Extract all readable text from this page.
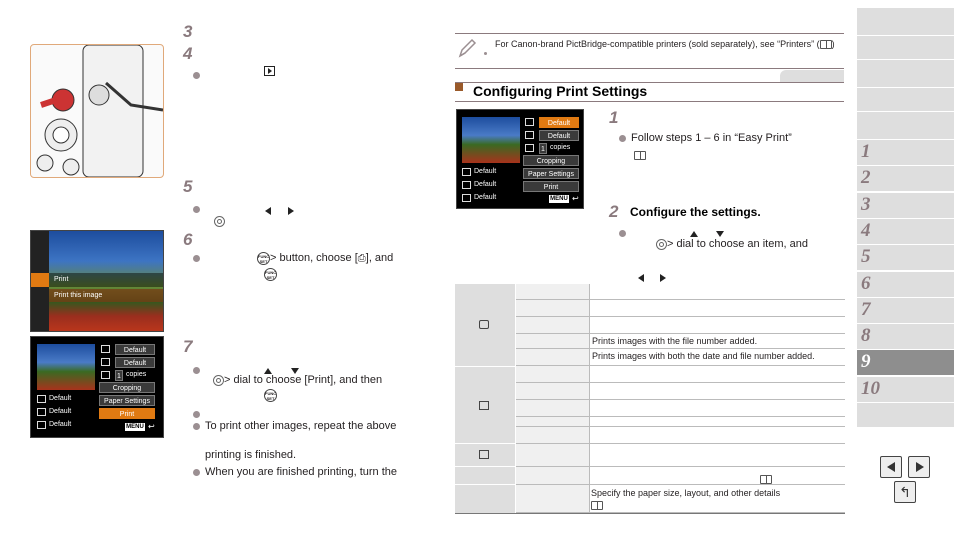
3
4
5
6
FUNC
SET > button, choose [⎙], and
FUNC
SET
Print
Print this image
Default
Default
1 copies
Cropping
Paper Settings
Print
Default
Default
Default	MENU ↩
7
> dial to choose [Print], and then
FUNC
SET
To print other images, repeat the above
printing is finished.
When you are finished printing, turn the
For Canon-brand PictBridge-compatible printers (sold separately), see “Printers” ( )
Configuring Print Settings
Default
Default
1 copies
Cropping
Paper Settings
Print
Default
Default
Default	MENU ↩
1
Follow steps 1 – 6 in “Easy Print”
2 Configure the settings.
> dial to choose an item, and
Prints images with the file number added.
Prints images with both the date and file number added.
Specify the paper size, layout, and other details

1
2
3
4
5
6
7
8
9
10
↰
